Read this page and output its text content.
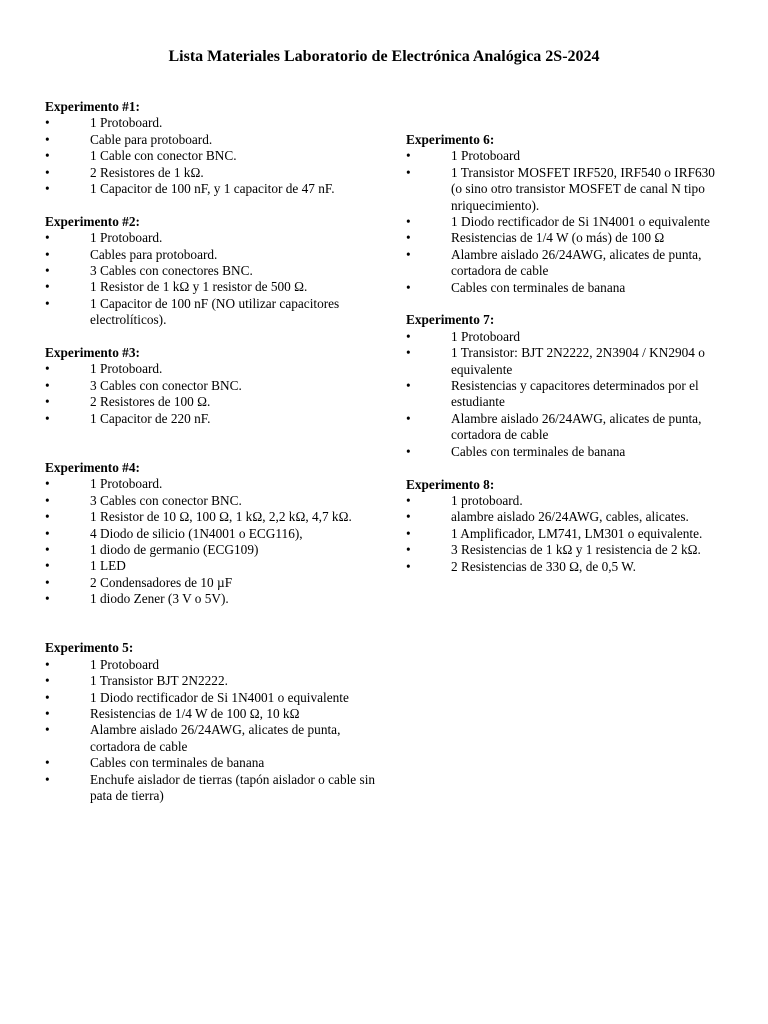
Lista Materiales Laboratorio de Electrónica Analógica 2S-2024
Experimento #1:
•	1 Protoboard.
•	Cable para protoboard.
•	1 Cable con conector BNC.
•	2 Resistores de 1 kΩ.
•	1 Capacitor de 100 nF, y 1 capacitor de 47 nF.
Experimento #2:
•	1 Protoboard.
•	Cables para protoboard.
•	3 Cables con conectores BNC.
•	1 Resistor de 1 kΩ y 1 resistor de 500 Ω.
•	1 Capacitor de 100 nF (NO utilizar capacitores electrolíticos).
Experimento #3:
•	1 Protoboard.
•	3 Cables con conector BNC.
•	2 Resistores de 100 Ω.
•	1 Capacitor de 220 nF.
Experimento #4:
•	1 Protoboard.
•	3 Cables con conector BNC.
•	1 Resistor de 10 Ω, 100 Ω, 1 kΩ, 2,2 kΩ, 4,7 kΩ.
•	4 Diodo de silicio (1N4001 o ECG116),
•	1 diodo de germanio (ECG109)
•	1 LED
•	2 Condensadores de 10 µF
•	1 diodo Zener (3 V o 5V).
Experimento 5:
•	1 Protoboard
•	1 Transistor BJT 2N2222.
•	1 Diodo rectificador de Si 1N4001 o equivalente
•	Resistencias de 1/4 W de 100 Ω, 10 kΩ
•	Alambre aislado 26/24AWG, alicates de punta, cortadora de cable
•	Cables con terminales de banana
•	Enchufe aislador de tierras (tapón aislador o cable sin pata de tierra)
Experimento 6:
•	1 Protoboard
•	1 Transistor MOSFET IRF520, IRF540 o IRF630 (o sino otro transistor MOSFET de canal N tipo nriquecimiento).
•	1 Diodo rectificador de Si 1N4001 o equivalente
•	Resistencias de 1/4 W (o más) de 100 Ω
•	Alambre aislado 26/24AWG, alicates de punta, cortadora de cable
•	Cables con terminales de banana
Experimento 7:
•	1 Protoboard
•	1 Transistor: BJT 2N2222, 2N3904 / KN2904 o equivalente
•	Resistencias y capacitores determinados por el estudiante
•	Alambre aislado 26/24AWG, alicates de punta, cortadora de cable
•	Cables con terminales de banana
Experimento 8:
•	1 protoboard.
•	alambre aislado 26/24AWG, cables, alicates.
•	1 Amplificador, LM741, LM301 o equivalente.
•	3 Resistencias de 1 kΩ y 1 resistencia de 2 kΩ.
•	2 Resistencias de 330 Ω, de 0,5 W.
